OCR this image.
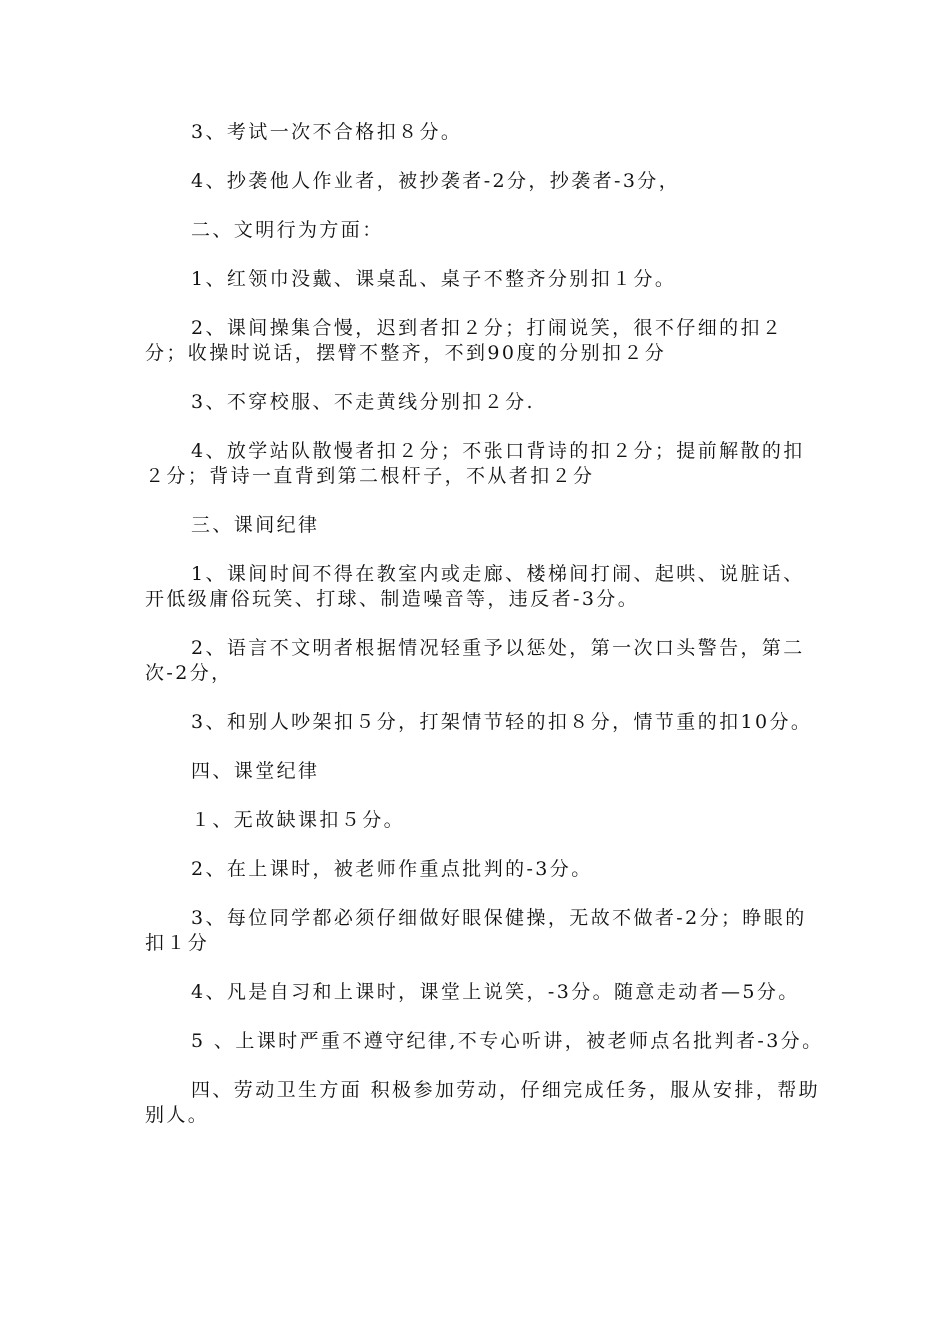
3、考试一次不合格扣８分。

4、抄袭他人作业者，被抄袭者-2分，抄袭者-3分，

二、文明行为方面：

1、红领巾没戴、课桌乱、桌子不整齐分别扣１分。

2、课间操集合慢，迟到者扣２分；打闹说笑，很不仔细的扣２分；收操时说话，摆臂不整齐，不到90度的分别扣２分

3、不穿校服、不走黄线分别扣２分.

4、放学站队散慢者扣２分；不张口背诗的扣２分；提前解散的扣２分；背诗一直背到第二根杆子，不从者扣２分

三、课间纪律

1、课间时间不得在教室内或走廊、楼梯间打闹、起哄、说脏话、开低级庸俗玩笑、打球、制造噪音等，违反者-3分。

2、语言不文明者根据情况轻重予以惩处，第一次口头警告，第二次-2分，

3、和别人吵架扣５分，打架情节轻的扣８分，情节重的扣10分。

四、课堂纪律

１、无故缺课扣５分。

2、在上课时，被老师作重点批判的-3分。

3、每位同学都必须仔细做好眼保健操，无故不做者-2分；睁眼的扣１分

4、凡是自习和上课时，课堂上说笑，-3分。随意走动者—5分。

5 、上课时严重不遵守纪律,不专心听讲，被老师点名批判者-3分。

四、劳动卫生方面 积极参加劳动，仔细完成任务，服从安排，帮助别人。
